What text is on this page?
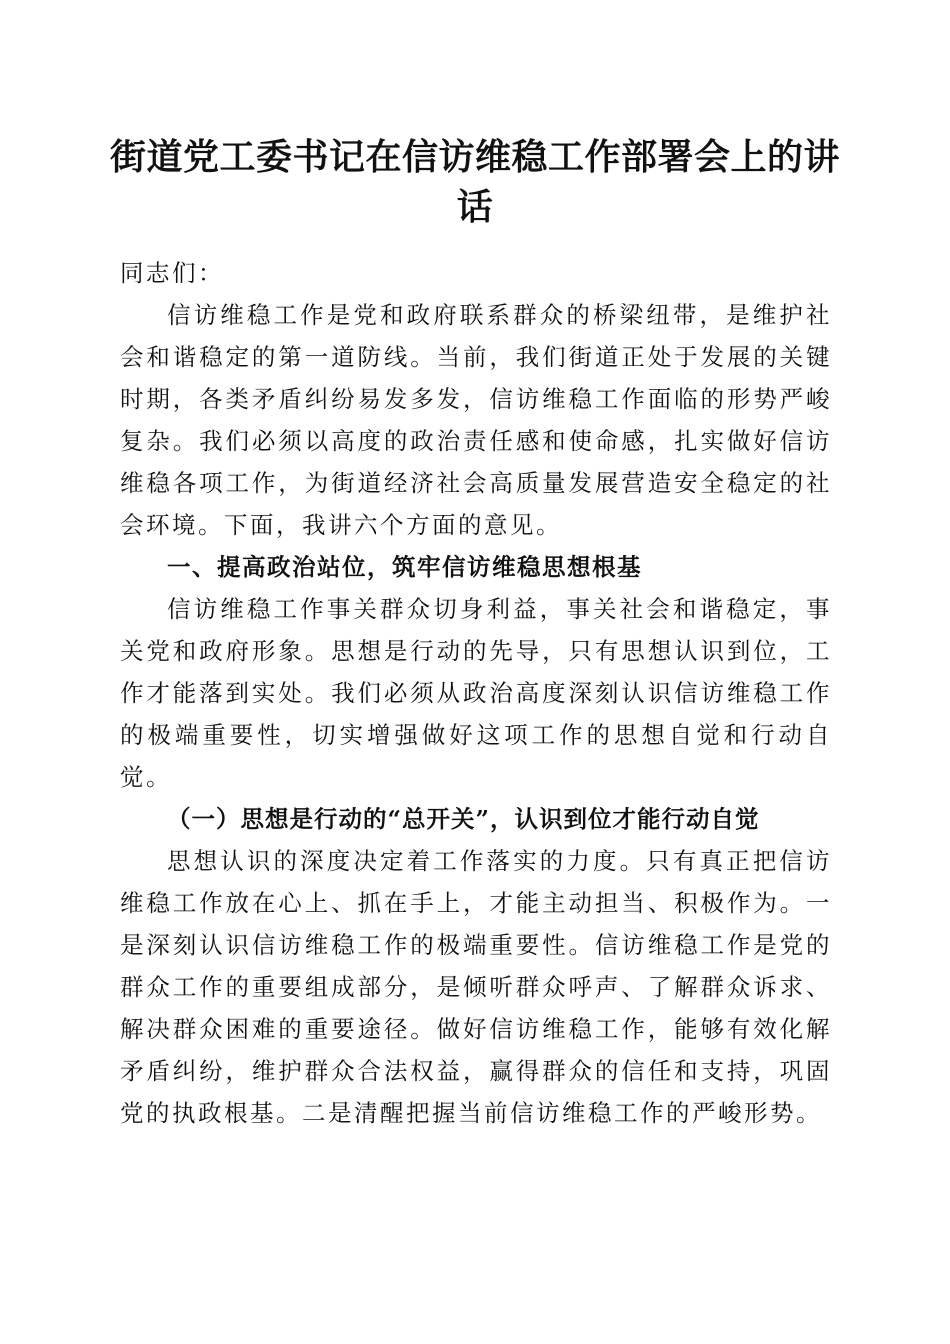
街道党工委书记在信访维稳工作部署会上的讲话

同志们：

信访维稳工作是党和政府联系群众的桥梁纽带，是维护社会和谐稳定的第一道防线。当前，我们街道正处于发展的关键时期，各类矛盾纠纷易发多发，信访维稳工作面临的形势严峻复杂。我们必须以高度的政治责任感和使命感，扎实做好信访维稳各项工作，为街道经济社会高质量发展营造安全稳定的社会环境。下面，我讲六个方面的意见。

一、提高政治站位，筑牢信访维稳思想根基

信访维稳工作事关群众切身利益，事关社会和谐稳定，事关党和政府形象。思想是行动的先导，只有思想认识到位，工作才能落到实处。我们必须从政治高度深刻认识信访维稳工作的极端重要性，切实增强做好这项工作的思想自觉和行动自觉。

（一）思想是行动的“总开关”，认识到位才能行动自觉

思想认识的深度决定着工作落实的力度。只有真正把信访维稳工作放在心上、抓在手上，才能主动担当、积极作为。一是深刻认识信访维稳工作的极端重要性。信访维稳工作是党的群众工作的重要组成部分，是倾听群众呼声、了解群众诉求、解决群众困难的重要途径。做好信访维稳工作，能够有效化解矛盾纠纷，维护群众合法权益，赢得群众的信任和支持，巩固党的执政根基。二是清醒把握当前信访维稳工作的严峻形势。
